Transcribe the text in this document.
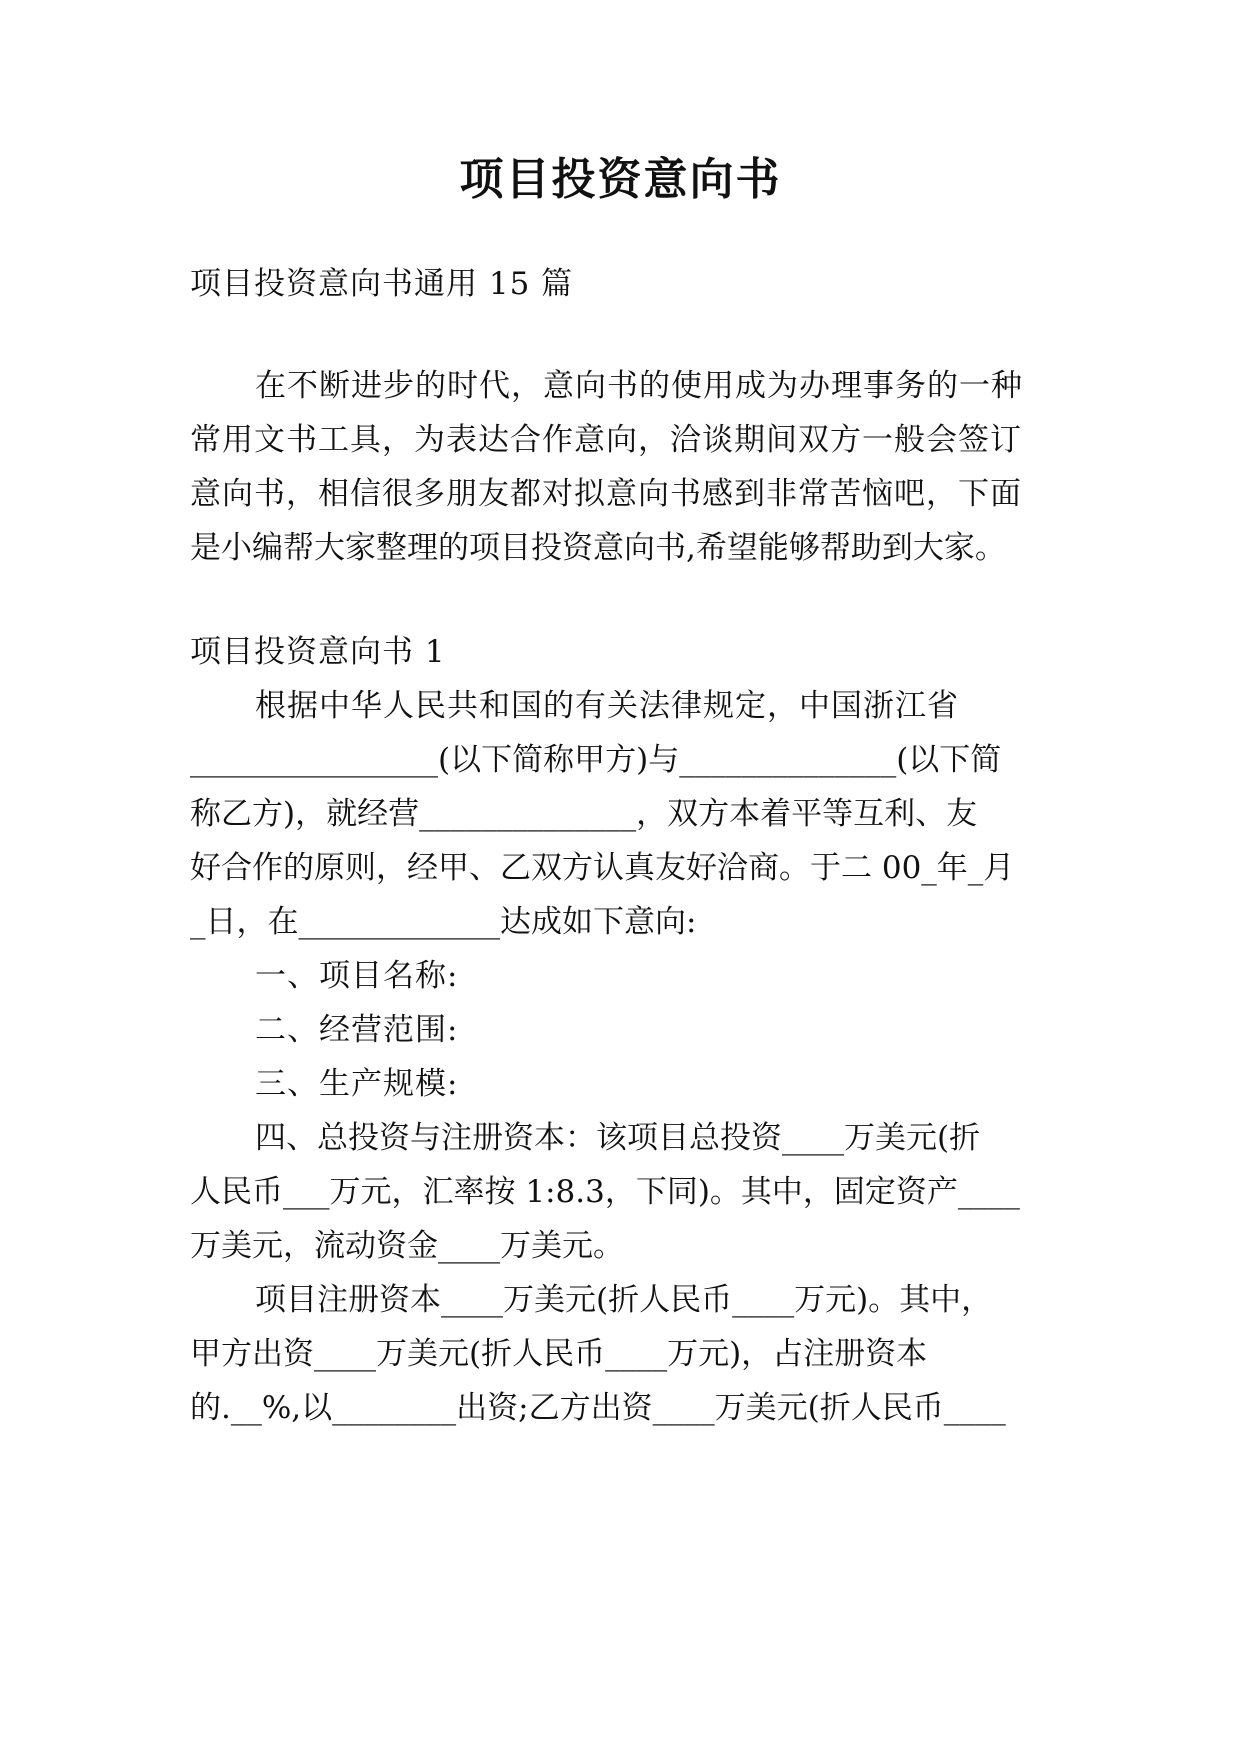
项目投资意向书
项目投资意向书通用 15 篇
在不断进步的时代，意向书的使用成为办理事务的一种
常用文书工具，为表达合作意向，洽谈期间双方一般会签订
意向书，相信很多朋友都对拟意向书感到非常苦恼吧，下面
是小编帮大家整理的项目投资意向书,希望能够帮助到大家。
项目投资意向书 1
根据中华人民共和国的有关法律规定，中国浙江省
________________(以下简称甲方)与______________(以下简
称乙方)，就经营______________，双方本着平等互利、友
好合作的原则，经甲、乙双方认真友好洽商。于二 00_年_月
_日，在_____________达成如下意向:
一、项目名称:
二、经营范围:
三、生产规模:
四、总投资与注册资本：该项目总投资____万美元(折
人民币___万元，汇率按 1:8.3，下同)。其中，固定资产____
万美元，流动资金____万美元。
项目注册资本____万美元(折人民币____万元)。其中，
甲方出资____万美元(折人民币____万元)，占注册资本
的.__%,以________出资;乙方出资____万美元(折人民币____
